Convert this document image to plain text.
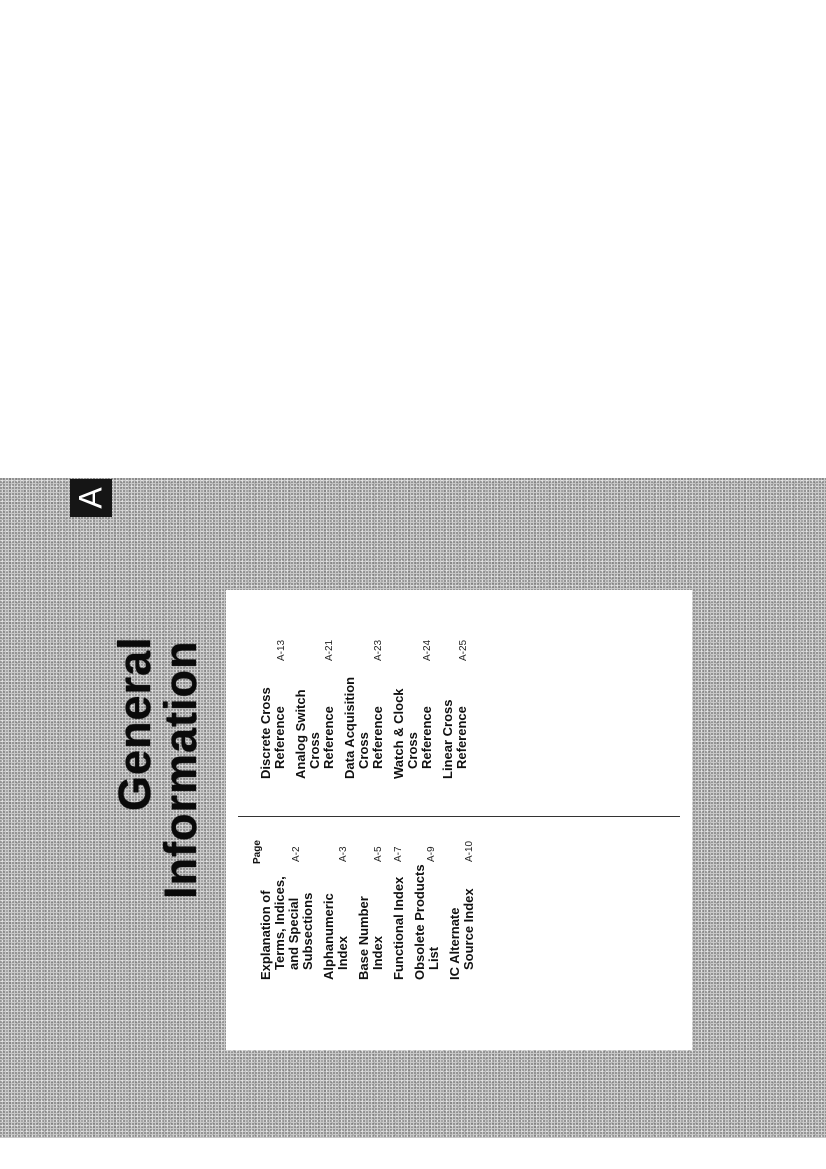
A
General
Information	Page
Explanation of Terms, Indices, and Special Subsections
A-2
Alphanumeric Index
A-3
Base Number Index
A-5
Functional Index
A-7
Obsolete Products List
A-9
IC Alternate Source Index
A-10
Discrete Cross Reference
A-13
Analog Switch Cross Reference
A-21
Data Acquisition Cross Reference
A-23
Watch & Clock Cross Reference
A-24
Linear Cross Reference
A-25
